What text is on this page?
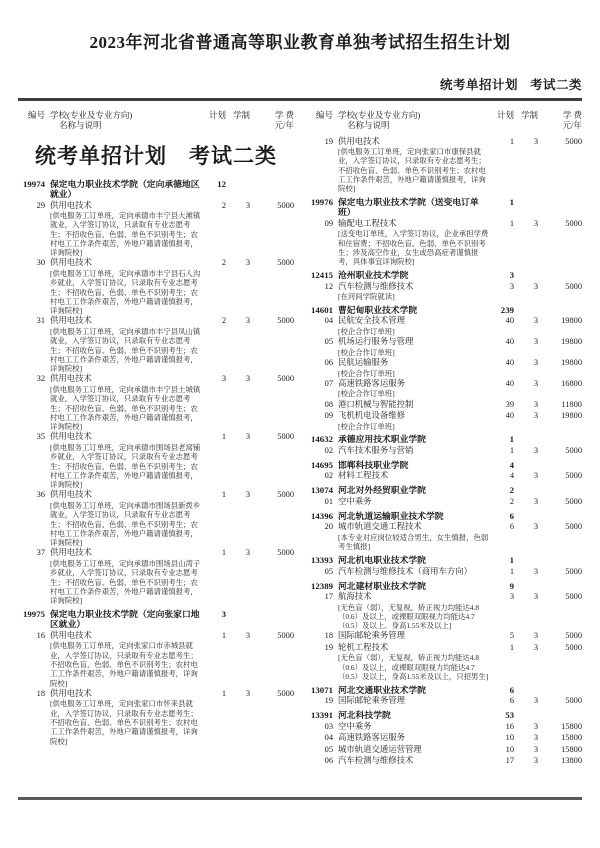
2023年河北省普通高等职业教育单独考试招生招生计划
统考单招计划 考试二类
编号 学校(专业及专业方向)
名称与说明
计划 学制	学 费
元/年
编号 学校(专业及专业方向)
名称与说明
计划 学制	学 费
元/年
统考单招计划　考试二类
19974 保定电力职业技术学院（定向承德地区就业）
12
29 供用电技术
[供电服务工订单班，定向承德市丰宁县大滩镇就业，入学签订协议，只录取有专业志愿考生；不招收色盲、色弱、单色不识别考生；农村电工工作条件艰苦，外地户籍请谨慎报考，详询院校]
2	3	5000
30 供用电技术
[供电服务工订单班，定向承德市丰宁县石人沟乡就业，入学签订协议，只录取有专业志愿考生；不招收色盲、色弱、单色不识别考生；农村电工工作条件艰苦，外地户籍请谨慎报考，详询院校]
2	3	5000
31 供用电技术
[供电服务工订单班，定向承德市丰宁县凤山镇就业，入学签订协议，只录取有专业志愿考生；不招收色盲、色弱、单色不识别考生；农村电工工作条件艰苦，外地户籍请谨慎报考，详询院校]
2	3	5000
32 供用电技术
[供电服务工订单班，定向承德市丰宁县土城镇就业，入学签订协议，只录取有专业志愿考生；不招收色盲、色弱、单色不识别考生；农村电工工作条件艰苦，外地户籍请谨慎报考，详询院校]
3	3	5000
35 供用电技术
[供电服务工订单班，定向承德市围场县老窝铺乡就业，入学签订协议，只录取有专业志愿考生；不招收色盲、色弱、单色不识别考生；农村电工工作条件艰苦，外地户籍请谨慎报考，详询院校]
1	3	5000
36 供用电技术
[供电服务工订单班，定向承德市围场县新拨乡就业，入学签订协议，只录取有专业志愿考生；不招收色盲、色弱、单色不识别考生；农村电工工作条件艰苦，外地户籍请谨慎报考，详询院校]
1	3	5000
37 供用电技术
[供电服务工订单班，定向承德市围场县山湾子乡就业，入学签订协议，只录取有专业志愿考生；不招收色盲、色弱、单色不识别考生；农村电工工作条件艰苦，外地户籍请谨慎报考，详询院校]
1	3	5000
19975 保定电力职业技术学院（定向张家口地区就业）
3
16 供用电技术
[供电服务工订单班，定向张家口市赤城县就业，入学签订协议，只录取有专业志愿考生；不招收色盲、色弱、单色不识别考生；农村电工工作条件艰苦，外地户籍请谨慎报考，详询院校]
1	3	5000
18 供用电技术
[供电服务工订单班，定向张家口市怀来县就业，入学签订协议，只录取有专业志愿考生；不招收色盲、色弱、单色不识别考生；农村电工工作条件艰苦，外地户籍请谨慎报考，详询院校]
1	3	5000
19 供用电技术
[供电服务工订单班，定向张家口市康保县就业，入学签订协议，只录取有专业志愿考生；不招收色盲、色弱、单色不识别考生；农村电工工作条件艰苦，外地户籍请谨慎报考，详询院校]
1	3	5000
19976 保定电力职业技术学院（送变电订单班）
1
09 输配电工程技术
[送变电订单班，入学签订协议，企业承担学费和住宿费；不招收色盲、色弱、单色不识别考生；涉及高空作业，女生或恐高症者谨慎报考，具体事宜详询院校]
1	3	5000
12415 沧州职业技术学院	3
12 汽车检测与维修技术
[在河间学院就读]
3	3	5000
14601 曹妃甸职业技术学院	239
04 民航安全技术管理
[校企合作订单班]
40	3	19800
05 机场运行服务与管理
[校企合作订单班]
40	3	19800
06 民航运输服务
[校企合作订单班]
40	3	19800
07 高速铁路客运服务
[校企合作订单班]
40	3	16800
08 港口机械与智能控制	39	3	11800
09 飞机机电设备维修
[校企合作订单班]
40	3	19800
14632 承德应用技术职业学院	1
02 汽车技术服务与营销	1	3	5000
14695 邯郸科技职业学院	4
02 材料工程技术	4	3	5000
13074 河北对外经贸职业学院	2
01 空中乘务	2	3	5000
14396 河北轨道运输职业技术学院	6
20 城市轨道交通工程技术
[本专业对应岗位较适合男生，女生慎报，色弱考生慎报]
6	3	5000
13393 河北机电职业技术学院	1
05 汽车检测与维修技术（商用车方向）	1	3	5000
12389 河北建材职业技术学院	9
17 航海技术
[无色盲（弱），无复视，矫正视力均能达4.8（0.6）及以上，或裸眼双眼视力均能达4.7（0.5）及以上。身高1.55米及以上]
3	3	5000
18 国际邮轮乘务管理	5	3	5000
19 轮机工程技术
[无色盲（弱），无复视，矫正视力均能达4.8（0.6）及以上，或裸眼双眼视力均能达4.7（0.5）及以上，身高1.55米及以上，只招男生]
1	3	5000
13071 河北交通职业技术学院	6
19 国际邮轮乘务管理	6	3	5000
13391 河北科技学院	53
03 空中乘务	16	3	15800
04 高速铁路客运服务	10	3	15800
05 城市轨道交通运营管理	10	3	15800
06 汽车检测与维修技术	17	3	13800
